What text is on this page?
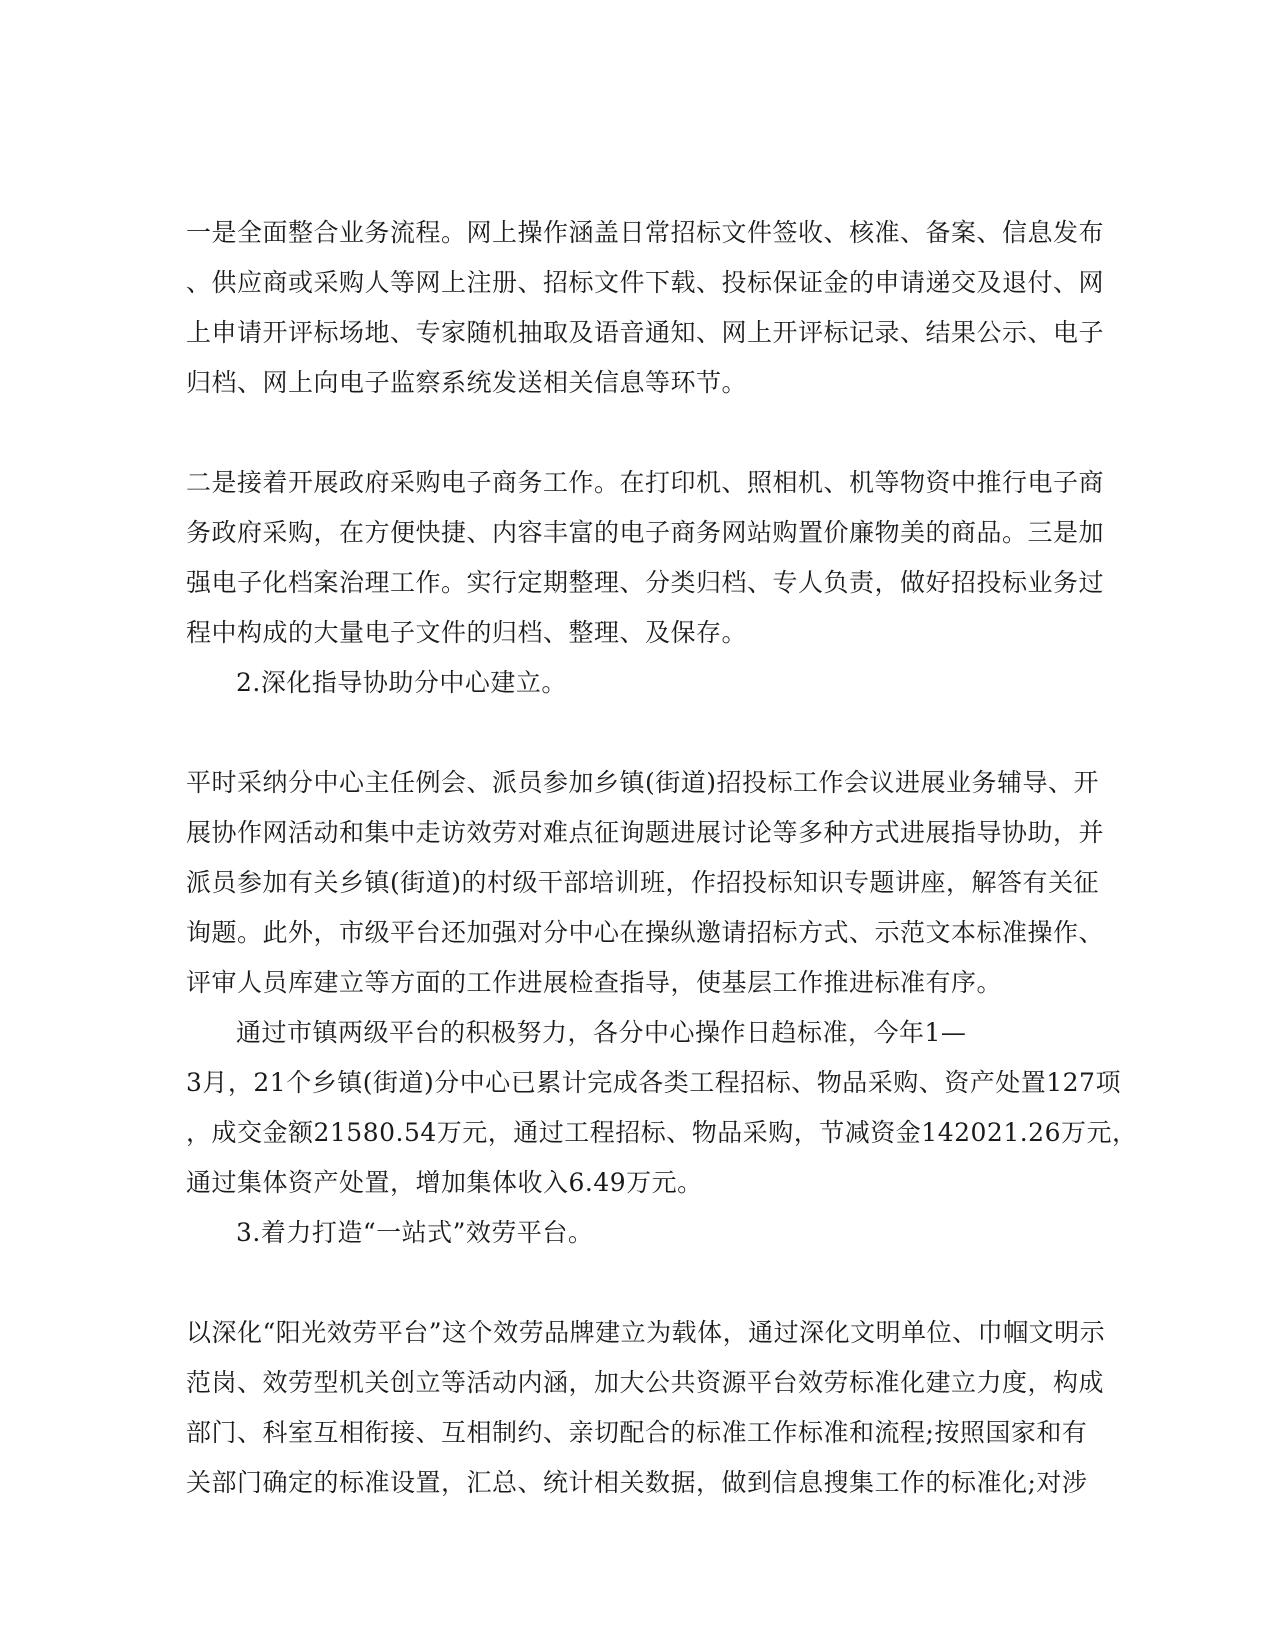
一是全面整合业务流程。网上操作涵盖日常招标文件签收、核准、备案、信息发布
、供应商或采购人等网上注册、招标文件下载、投标保证金的申请递交及退付、网
上申请开评标场地、专家随机抽取及语音通知、网上开评标记录、结果公示、电子
归档、网上向电子监察系统发送相关信息等环节。
二是接着开展政府采购电子商务工作。在打印机、照相机、机等物资中推行电子商
务政府采购，在方便快捷、内容丰富的电子商务网站购置价廉物美的商品。三是加
强电子化档案治理工作。实行定期整理、分类归档、专人负责，做好招投标业务过
程中构成的大量电子文件的归档、整理、及保存。
2.深化指导协助分中心建立。
平时采纳分中心主任例会、派员参加乡镇(街道)招投标工作会议进展业务辅导、开
展协作网活动和集中走访效劳对难点征询题进展讨论等多种方式进展指导协助，并
派员参加有关乡镇(街道)的村级干部培训班，作招投标知识专题讲座，解答有关征
询题。此外，市级平台还加强对分中心在操纵邀请招标方式、示范文本标准操作、
评审人员库建立等方面的工作进展检查指导，使基层工作推进标准有序。
通过市镇两级平台的积极努力，各分中心操作日趋标准，今年1—
3月，21个乡镇(街道)分中心已累计完成各类工程招标、物品采购、资产处置127项
，成交金额21580.54万元，通过工程招标、物品采购，节减资金142021.26万元，
通过集体资产处置，增加集体收入6.49万元。
3.着力打造“一站式”效劳平台。
以深化“阳光效劳平台”这个效劳品牌建立为载体，通过深化文明单位、巾帼文明示
范岗、效劳型机关创立等活动内涵，加大公共资源平台效劳标准化建立力度，构成
部门、科室互相衔接、互相制约、亲切配合的标准工作标准和流程;按照国家和有
关部门确定的标准设置，汇总、统计相关数据，做到信息搜集工作的标准化;对涉
